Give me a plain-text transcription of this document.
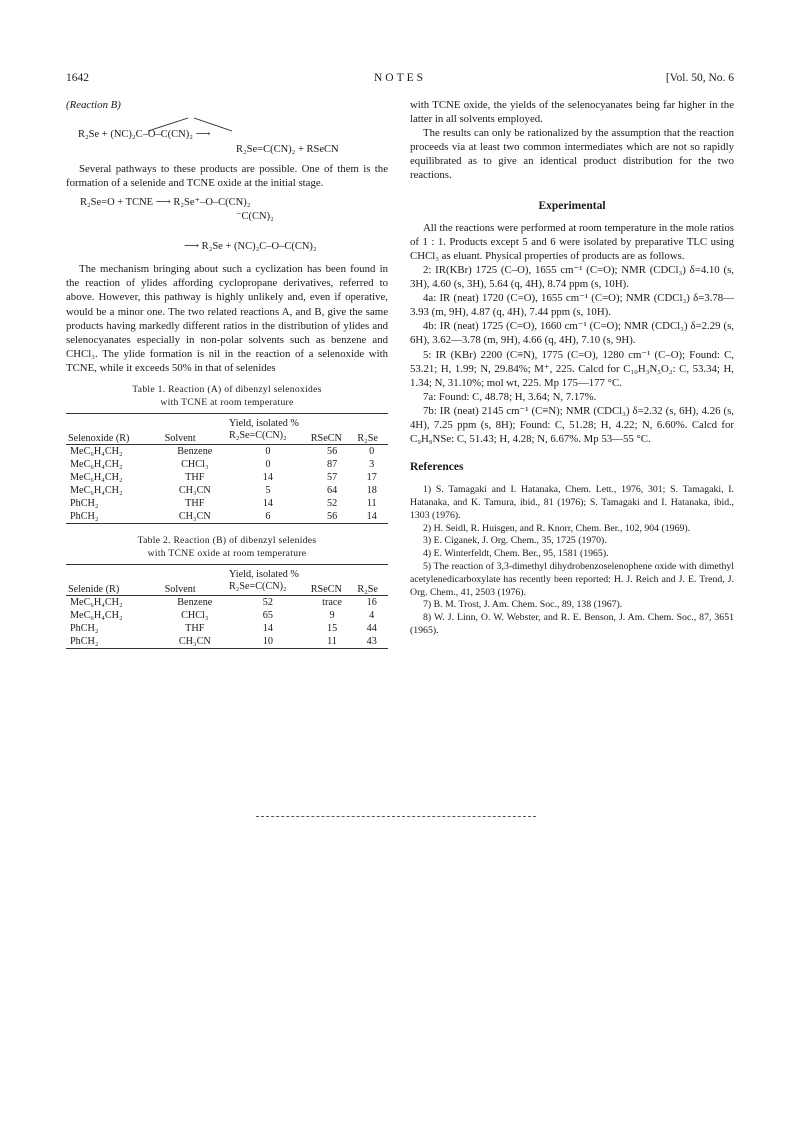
1642	NOTES	[Vol. 50, No. 6
(Reaction B)
R₂Se + (NC)₂C–O–C(CN)₂ ⟶
R₂Se=C(CN)₂ + RSeCN

Several pathways to these products are possible. One of them is the formation of a selenide and TCNE oxide at the initial stage.

R₂Se=O + TCNE ⟶ R₂Se⁺–O–C(CN)₂
⁻C(CN)₂
⟶ R₂Se + (NC)₂C–O–C(CN)₂

The mechanism bringing about such a cyclization has been found in the reaction of ylides affording cyclopropane derivatives, referred to above. However, this pathway is highly unlikely and, even if operative, would be a minor one. The two related reactions A, and B, give the same products having markedly different ratios in the distribution of ylides and selenocyanates especially in non-polar solvents such as benzene and CHCl₃. The ylide formation is nil in the reaction of a selenoxide with TCNE, while it exceeds 50% in that of selenides

Table 1. Reaction (A) of dibenzyl selenoxides
with TCNE at room temperature
Selenoxide (R)	Solvent	Yield, isolated %		
		R₂Se=C(CN)₂	RSeCN	R₂Se
MeC₆H₄CH₂	Benzene	0	56	0
MeC₆H₄CH₂	CHCl₃	0	87	3
MeC₆H₄CH₂	THF	14	57	17
MeC₆H₄CH₂	CH₃CN	5	64	18
PhCH₂	THF	14	52	11
PhCH₂	CH₃CN	6	56	14
Table 2. Reaction (B) of dibenzyl selenides
with TCNE oxide at room temperature
Selenide (R)	Solvent	Yield, isolated %		
		R₂Se=C(CN)₂	RSeCN	R₂Se
MeC₆H₄CH₂	Benzene	52	trace	16
MeC₆H₄CH₂	CHCl₃	65	9	4
PhCH₂	THF	14	15	44
PhCH₂	CH₃CN	10	11	43

with TCNE oxide, the yields of the selenocyanates being far higher in the latter in all solvents employed.

The results can only be rationalized by the assumption that the reaction proceeds via at least two common intermediates which are not so rapidly equilibrated as to give an identical product distribution for the two reactions.

Experimental

All the reactions were performed at room temperature in the mole ratios of 1 : 1. Products except 5 and 6 were isolated by preparative TLC using CHCl₃ as eluant. Physical properties of products are as follows.

2: IR(KBr) 1725 (C–O), 1655 cm⁻¹ (C=O); NMR (CDCl₃) δ=4.10 (s, 3H), 4.60 (s, 3H), 5.64 (q, 4H), 8.74 ppm (s, 10H).

4a: IR (neat) 1720 (C=O), 1655 cm⁻¹ (C=O); NMR (CDCl₃) δ=3.78—3.93 (m, 9H), 4.87 (q, 4H), 7.44 ppm (s, 10H).

4b: IR (neat) 1725 (C=O), 1660 cm⁻¹ (C=O); NMR (CDCl₃) δ=2.29 (s, 6H), 3.62—3.78 (m, 9H), 4.66 (q, 4H), 7.10 (s, 9H).

5: IR (KBr) 2200 (C≡N), 1775 (C=O), 1280 cm⁻¹ (C–O); Found: C, 53.21; H, 1.99; N, 29.84%; M⁺, 225. Calcd for C₁₀H₃N₅O₂: C, 53.34; H, 1.34; N, 31.10%; mol wt, 225. Mp 175—177 °C.

7a: Found: C, 48.78; H, 3.64; N, 7.17%.

7b: IR (neat) 2145 cm⁻¹ (C≡N); NMR (CDCl₃) δ=2.32 (s, 6H), 4.26 (s, 4H), 7.25 ppm (s, 8H); Found: C, 51.28; H, 4.22; N, 6.60%. Calcd for C₉H₉NSe: C, 51.43; H, 4.28; N, 6.67%. Mp 53—55 °C.

References

1) S. Tamagaki and I. Hatanaka, Chem. Lett., 1976, 301; S. Tamagaki, I. Hatanaka, and K. Tamura, ibid., 81 (1976); S. Tamagaki and I. Hatanaka, ibid., 1303 (1976).

2) H. Seidl, R. Huisgen, and R. Knorr, Chem. Ber., 102, 904 (1969).

3) E. Ciganek, J. Org. Chem., 35, 1725 (1970).

4) E. Winterfeldt, Chem. Ber., 95, 1581 (1965).

5) The reaction of 3,3-dimethyl dihydrobenzoselenophene oxide with dimethyl acetylenedicarboxylate has recently been reported: H. J. Reich and J. E. Trend, J. Org. Chem., 41, 2503 (1976).

7) B. M. Trost, J. Am. Chem. Soc., 89, 138 (1967).

8) W. J. Linn, O. W. Webster, and R. E. Benson, J. Am. Chem. Soc., 87, 3651 (1965).
